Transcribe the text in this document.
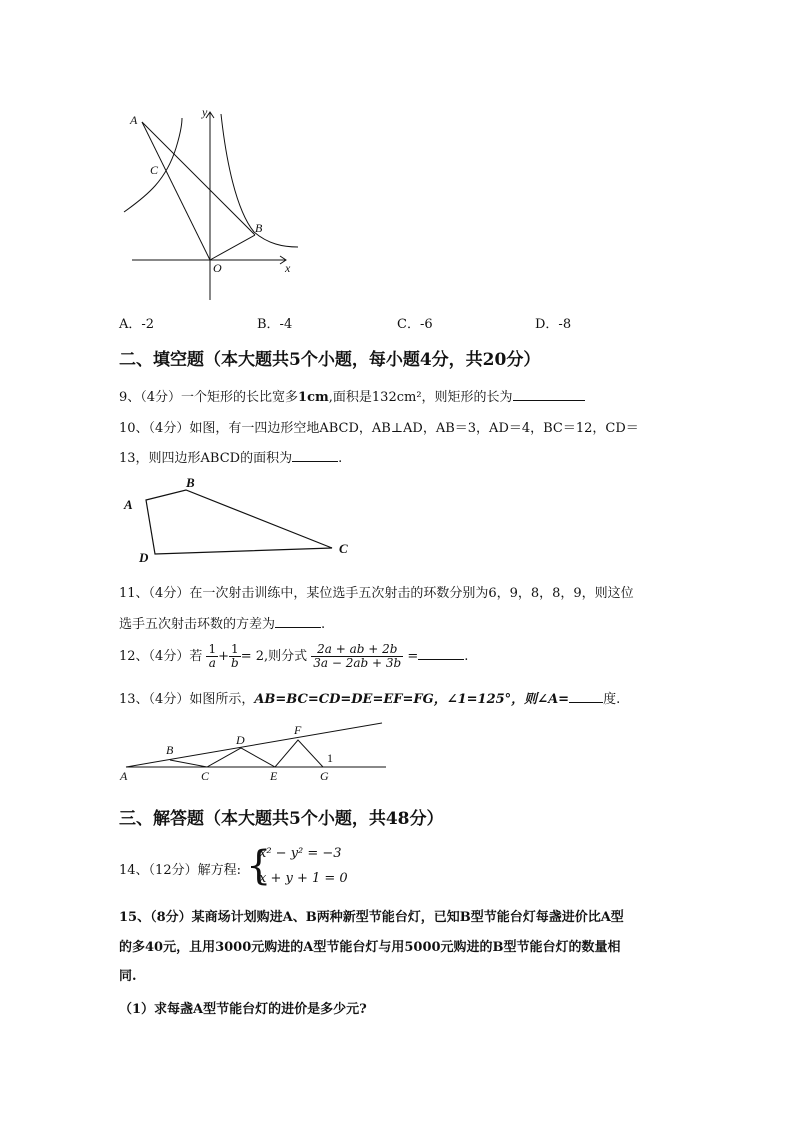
A
C
B
O	x
y
A．-2	B．-4	C．-6	D．-8
二、填空题（本大题共5个小题，每小题4分，共20分）
9、（4分）一个矩形的长比宽多1cm,面积是132cm²，则矩形的长为
10、（4分）如图，有一四边形空地ABCD，AB⊥AD，AB＝3，AD＝4，BC＝12，CD＝
13，则四边形ABCD的面积为	.
A
B
C
D
11、（4分）在一次射击训练中，某位选手五次射击的环数分别为6，9，8，8，9，则这位
选手五次射击环数的方差为	.
12、（4分）若 $\frac{1}{a} + \frac{1}{b} = 2$,则分式 $\frac{2a + ab + 2b}{3a - 2ab + 3b}$ =	.
13、（4分）如图所示，AB=BC=CD=DE=EF=FG，∠1=125°，则∠A=	度.
A
B
C
D
E
F
G
1
三、解答题（本大题共5个小题，共48分）
14、（12分）解方程: {
x² − y² = −3
x + y + 1 = 0
15、（8分）某商场计划购进A、B两种新型节能台灯，已知B型节能台灯每盏进价比A型
的多40元，且用3000元购进的A型节能台灯与用5000元购进的B型节能台灯的数量相
同.
（1）求每盏A型节能台灯的进价是多少元?
